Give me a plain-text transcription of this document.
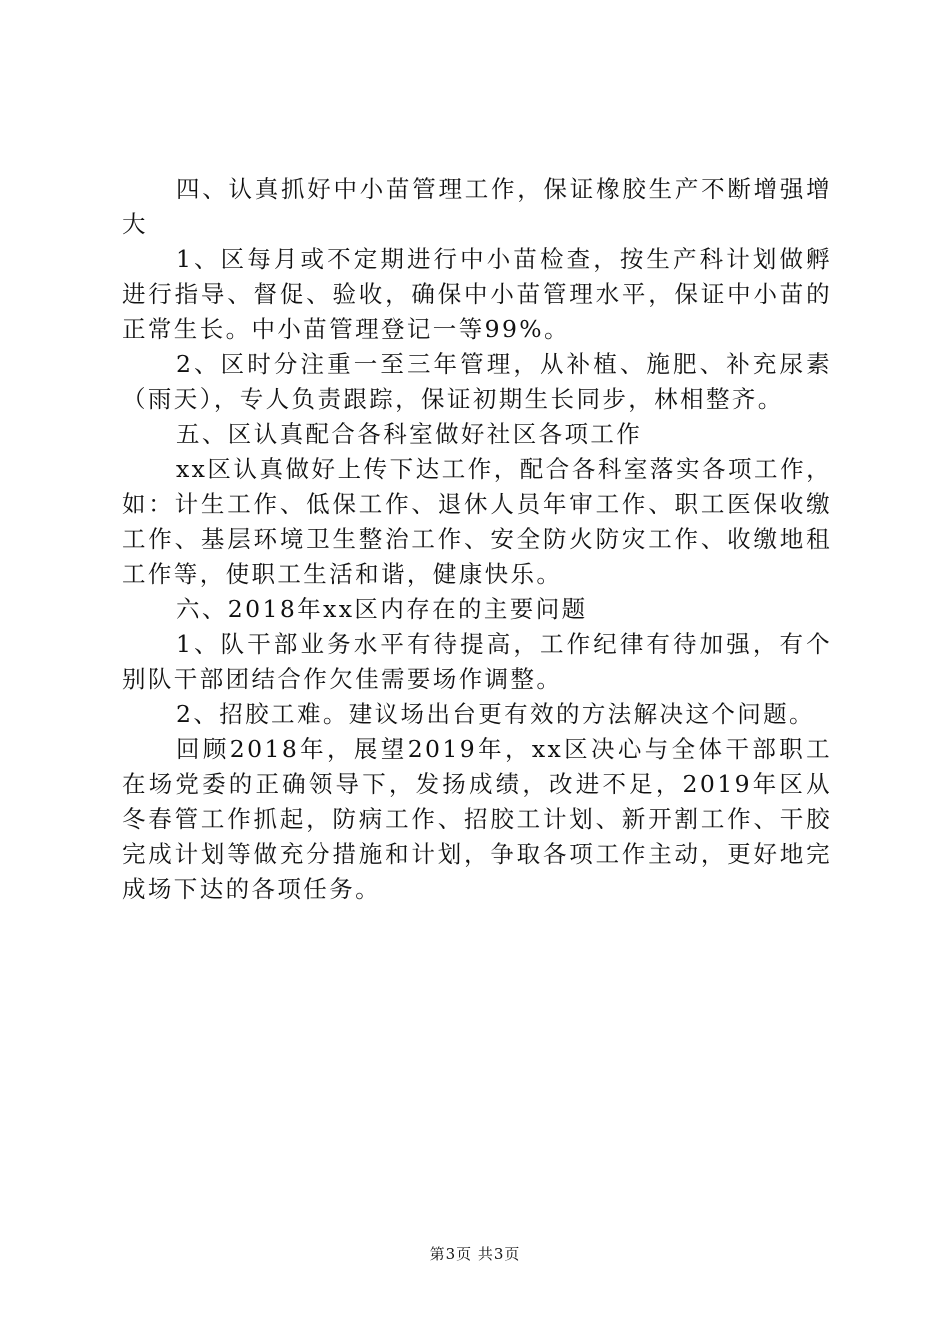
四、认真抓好中小苗管理工作，保证橡胶生产不断增强增大

1、区每月或不定期进行中小苗检查，按生产科计划做孵进行指导、督促、验收，确保中小苗管理水平，保证中小苗的正常生长。中小苗管理登记一等99%。

2、区时分注重一至三年管理，从补植、施肥、补充尿素（雨天），专人负责跟踪，保证初期生长同步，林相整齐。

五、区认真配合各科室做好社区各项工作

xx区认真做好上传下达工作，配合各科室落实各项工作，如：计生工作、低保工作、退休人员年审工作、职工医保收缴工作、基层环境卫生整治工作、安全防火防灾工作、收缴地租工作等，使职工生活和谐，健康快乐。

六、2018年xx区内存在的主要问题

1、队干部业务水平有待提高，工作纪律有待加强，有个别队干部团结合作欠佳需要场作调整。

2、招胶工难。建议场出台更有效的方法解决这个问题。

回顾2018年，展望2019年，xx区决心与全体干部职工在场党委的正确领导下，发扬成绩，改进不足，2019年区从冬春管工作抓起，防病工作、招胶工计划、新开割工作、干胶完成计划等做充分措施和计划，争取各项工作主动，更好地完成场下达的各项任务。

第3页 共3页
